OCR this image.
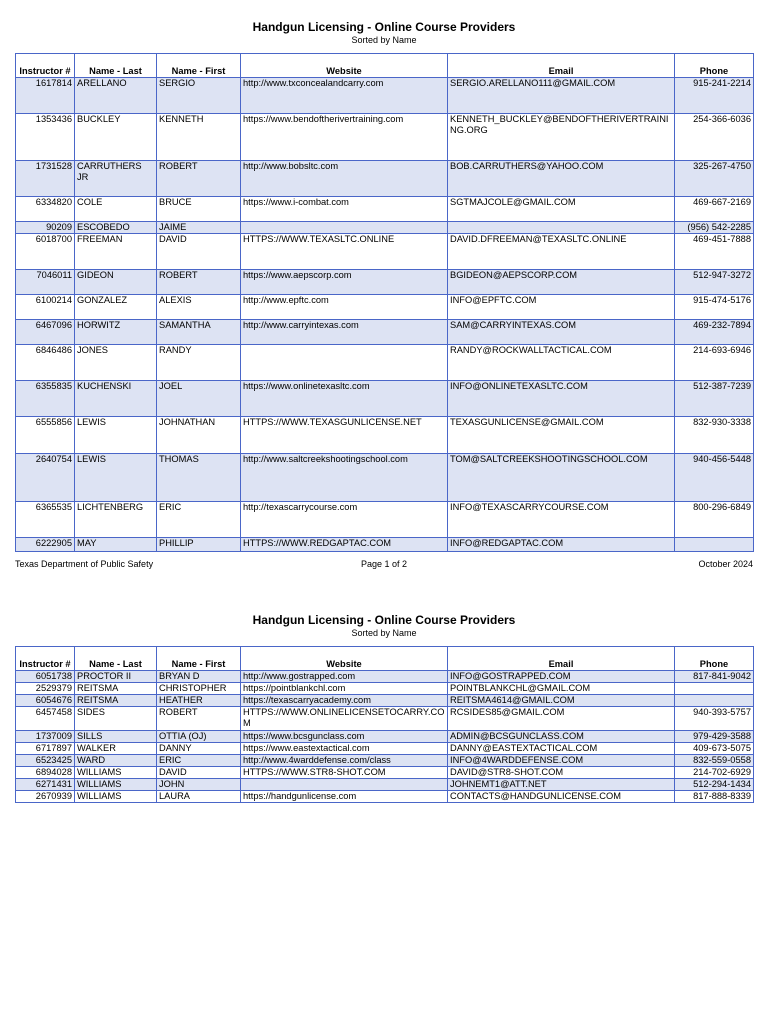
Handgun Licensing - Online Course Providers
Sorted by Name
Instructor #	Name - Last	Name - First	Website	Email	Phone
1617814	ARELLANO	SERGIO	http://www.txconcealandcarry.com	SERGIO.ARELLANO111@GMAIL.COM	915-241-2214
1353436	BUCKLEY	KENNETH	https://www.bendoftherivertraining.com	KENNETH_BUCKLEY@BENDOFTHERIVERTRAINING.ORG	254-366-6036
1731528	CARRUTHERS JR	ROBERT	http://www.bobsltc.com	BOB.CARRUTHERS@YAHOO.COM	325-267-4750
6334820	COLE	BRUCE	https://www.i-combat.com	SGTMAJCOLE@GMAIL.COM	469-667-2169
90209	ESCOBEDO	JAIME			(956) 542-2285
6018700	FREEMAN	DAVID	HTTPS://WWW.TEXASLTC.ONLINE	DAVID.DFREEMAN@TEXASLTC.ONLINE	469-451-7888
7046011	GIDEON	ROBERT	https://www.aepscorp.com	BGIDEON@AEPSCORP.COM	512-947-3272
6100214	GONZALEZ	ALEXIS	http://www.epftc.com	INFO@EPFTC.COM	915-474-5176
6467096	HORWITZ	SAMANTHA	http://www.carryintexas.com	SAM@CARRYINTEXAS.COM	469-232-7894
6846486	JONES	RANDY		RANDY@ROCKWALLTACTICAL.COM	214-693-6946
6355835	KUCHENSKI	JOEL	https://www.onlinetexasltc.com	INFO@ONLINETEXASLTC.COM	512-387-7239
6555856	LEWIS	JOHNATHAN	HTTPS://WWW.TEXASGUNLICENSE.NET	TEXASGUNLICENSE@GMAIL.COM	832-930-3338
2640754	LEWIS	THOMAS	http://www.saltcreekshootingschool.com	TOM@SALTCREEKSHOOTINGSCHOOL.COM	940-456-5448
6365535	LICHTENBERG	ERIC	http://texascarrycourse.com	INFO@TEXASCARRYCOURSE.COM	800-296-6849
6222905	MAY	PHILLIP	HTTPS://WWW.REDGAPTAC.COM	INFO@REDGAPTAC.COM	
Texas Department of Public Safety	Page 1 of 2	October 2024
Handgun Licensing - Online Course Providers
Sorted by Name
Instructor #	Name - Last	Name - First	Website	Email	Phone
6051738	PROCTOR II	BRYAN D	http://www.gostrapped.com	INFO@GOSTRAPPED.COM	817-841-9042
2529379	REITSMA	CHRISTOPHER	https://pointblankchl.com	POINTBLANKCHL@GMAIL.COM	
6054676	REITSMA	HEATHER	https://texascarryacademy.com	REITSMA4614@GMAIL.COM	
6457458	SIDES	ROBERT	HTTPS://WWW.ONLINELICENSETOCARRY.COM	RCSIDES85@GMAIL.COM	940-393-5757
1737009	SILLS	OTTIA (OJ)	https://www.bcsgunclass.com	ADMIN@BCSGUNCLASS.COM	979-429-3588
6717897	WALKER	DANNY	https://www.eastextactical.com	DANNY@EASTEXTACTICAL.COM	409-673-5075
6523425	WARD	ERIC	http://www.4warddefense.com/class	INFO@4WARDDEFENSE.COM	832-559-0558
6894028	WILLIAMS	DAVID	HTTPS://WWW.STR8-SHOT.COM	DAVID@STR8-SHOT.COM	214-702-6929
6271431	WILLIAMS	JOHN		JOHNEMT1@ATT.NET	512-294-1434
2670939	WILLIAMS	LAURA	https://handgunlicense.com	CONTACTS@HANDGUNLICENSE.COM	817-888-8339
